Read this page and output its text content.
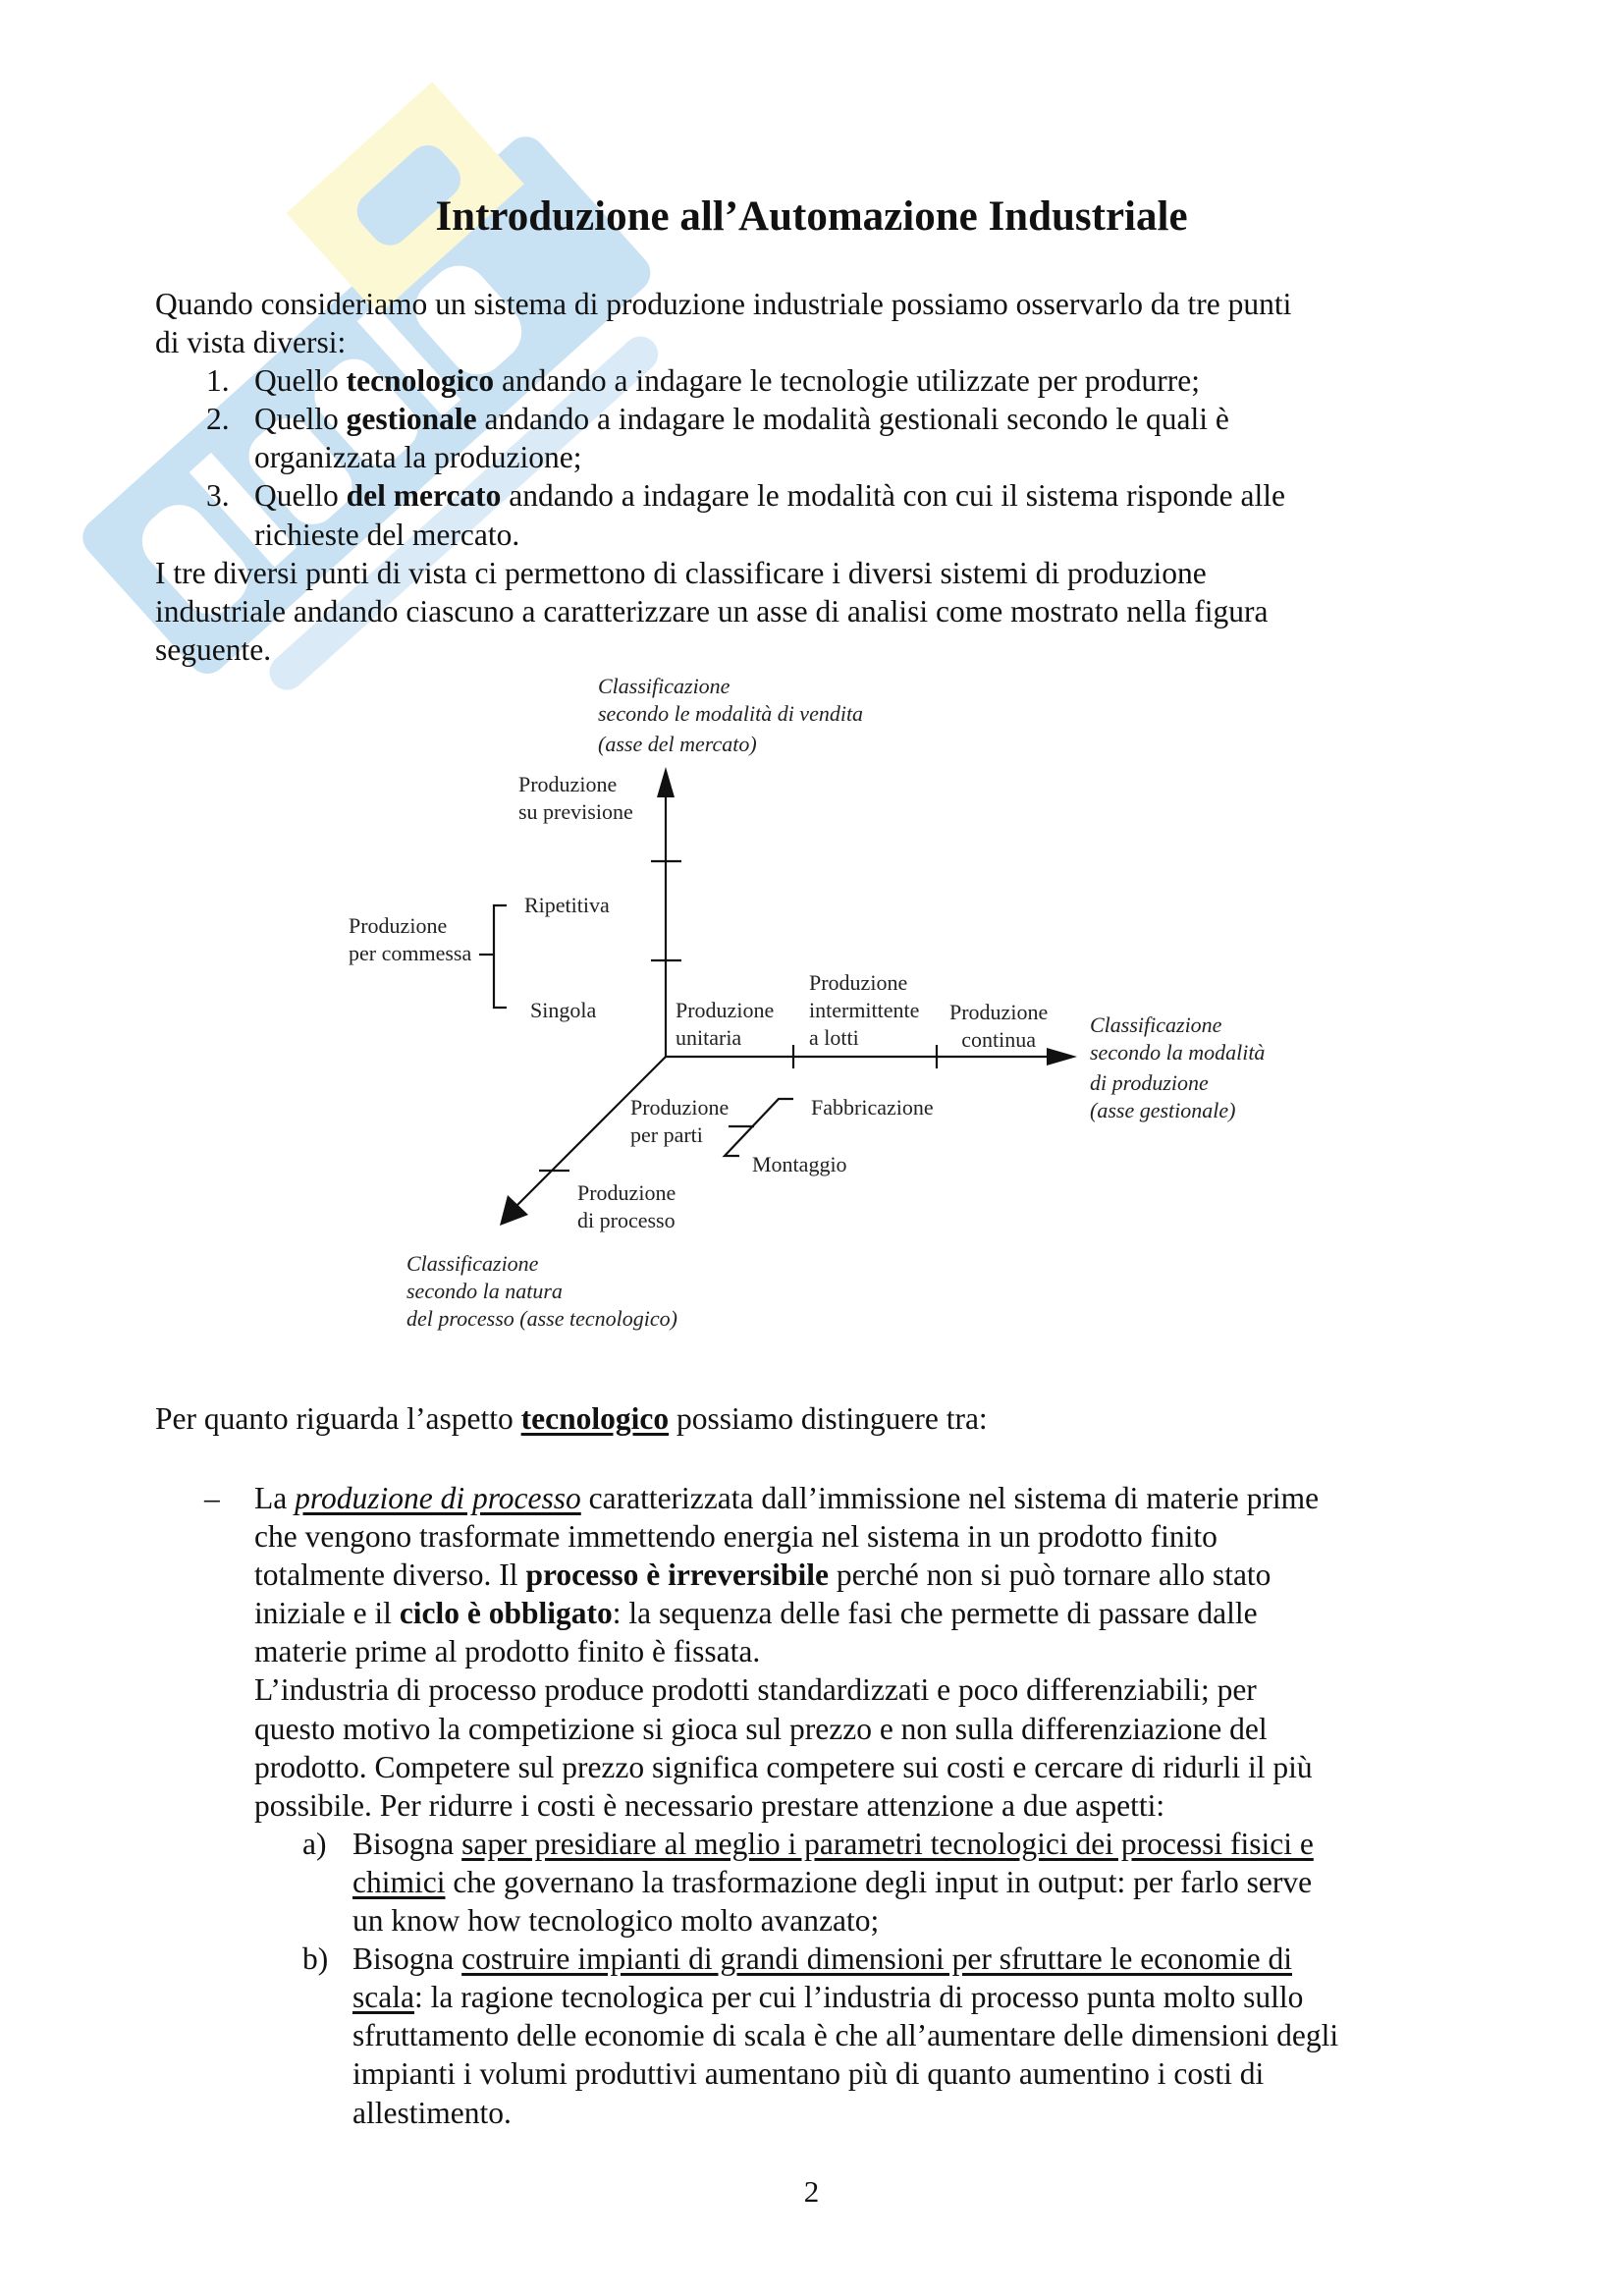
Introduzione all’Automazione Industriale
Quando consideriamo un sistema di produzione industriale possiamo osservarlo da tre punti
di vista diversi:
1. Quello tecnologico andando a indagare le tecnologie utilizzate per produrre;
2. Quello gestionale andando a indagare le modalità gestionali secondo le quali è
organizzata la produzione;
3. Quello del mercato andando a indagare le modalità con cui il sistema risponde alle
richieste del mercato.
I tre diversi punti di vista ci permettono di classificare i diversi sistemi di produzione
industriale andando ciascuno a caratterizzare un asse di analisi come mostrato nella figura
seguente.
Classificazione
secondo le modalità di vendita
(asse del mercato)
Produzione
su previsione
Ripetitiva
Produzione
per commessa
Singola	Produzione
unitaria
Produzione
intermittente
a lotti
Produzione
continua
Classificazione
secondo la modalità
di produzione
(asse gestionale)
Produzione
per parti
Fabbricazione
Montaggio
Produzione
di processo
Classificazione
secondo la natura
del processo (asse tecnologico)
Per quanto riguarda l’aspetto tecnologico possiamo distinguere tra:
– La produzione di processo caratterizzata dall’immissione nel sistema di materie prime
che vengono trasformate immettendo energia nel sistema in un prodotto finito
totalmente diverso. Il processo è irreversibile perché non si può tornare allo stato
iniziale e il ciclo è obbligato: la sequenza delle fasi che permette di passare dalle
materie prime al prodotto finito è fissata.
L’industria di processo produce prodotti standardizzati e poco differenziabili; per
questo motivo la competizione si gioca sul prezzo e non sulla differenziazione del
prodotto. Competere sul prezzo significa competere sui costi e cercare di ridurli il più
possibile. Per ridurre i costi è necessario prestare attenzione a due aspetti:
a) Bisogna saper presidiare al meglio i parametri tecnologici dei processi fisici e
chimici che governano la trasformazione degli input in output: per farlo serve
un know how tecnologico molto avanzato;
b) Bisogna costruire impianti di grandi dimensioni per sfruttare le economie di
scala: la ragione tecnologica per cui l’industria di processo punta molto sullo
sfruttamento delle economie di scala è che all’aumentare delle dimensioni degli
impianti i volumi produttivi aumentano più di quanto aumentino i costi di
allestimento.
2
